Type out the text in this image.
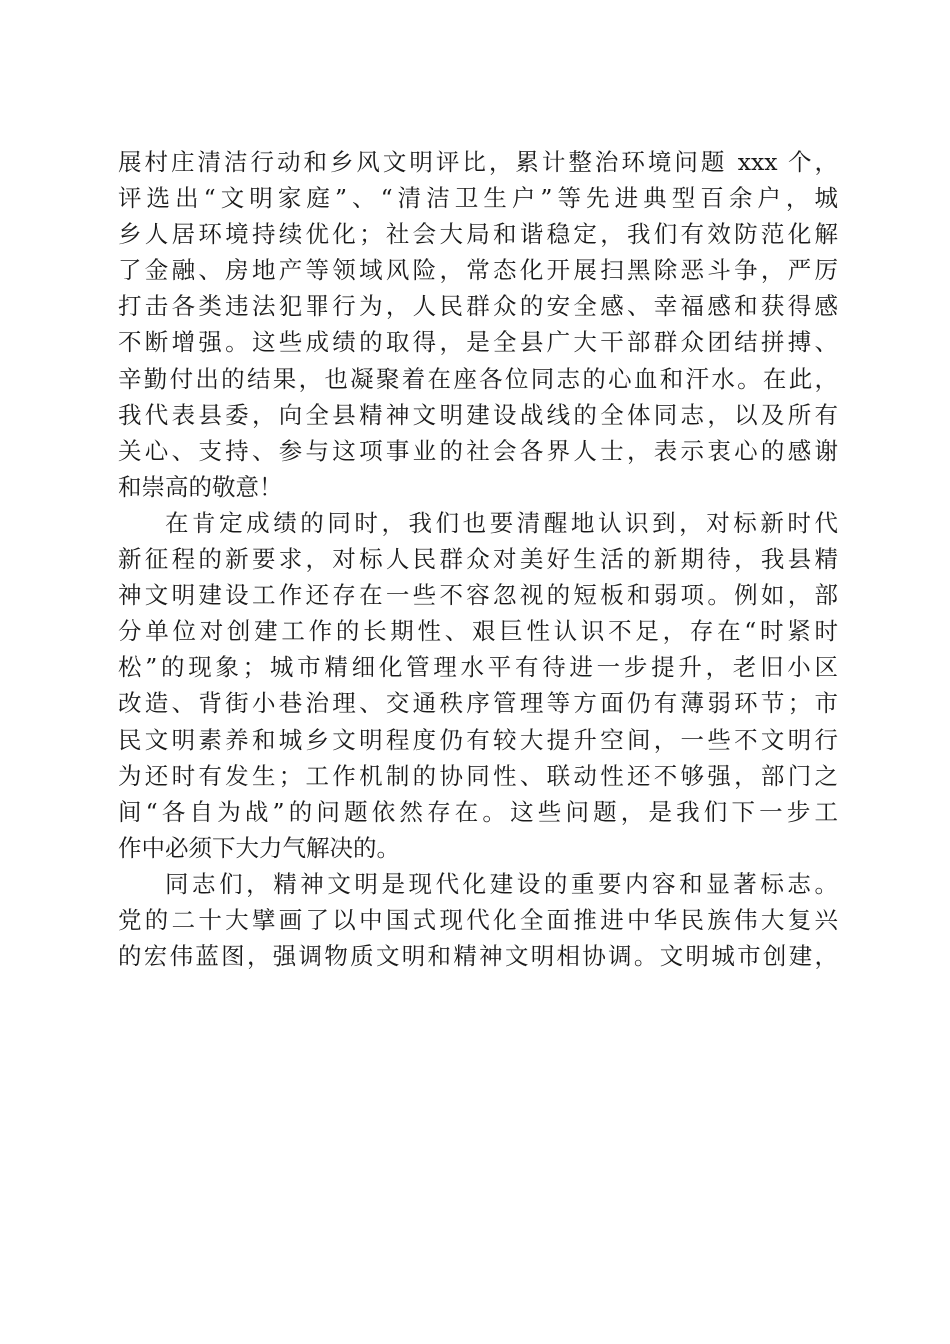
展村庄清洁行动和乡风文明评比，累计整治环境问题 xxx 个，
评选出“文明家庭”、“清洁卫生户”等先进典型百余户，城
乡人居环境持续优化；社会大局和谐稳定，我们有效防范化解
了金融、房地产等领域风险，常态化开展扫黑除恶斗争，严厉
打击各类违法犯罪行为，人民群众的安全感、幸福感和获得感
不断增强。这些成绩的取得，是全县广大干部群众团结拼搏、
辛勤付出的结果，也凝聚着在座各位同志的心血和汗水。在此，
我代表县委，向全县精神文明建设战线的全体同志，以及所有
关心、支持、参与这项事业的社会各界人士，表示衷心的感谢
和崇高的敬意！
在肯定成绩的同时，我们也要清醒地认识到，对标新时代
新征程的新要求，对标人民群众对美好生活的新期待，我县精
神文明建设工作还存在一些不容忽视的短板和弱项。例如，部
分单位对创建工作的长期性、艰巨性认识不足，存在“时紧时
松”的现象；城市精细化管理水平有待进一步提升，老旧小区
改造、背街小巷治理、交通秩序管理等方面仍有薄弱环节；市
民文明素养和城乡文明程度仍有较大提升空间，一些不文明行
为还时有发生；工作机制的协同性、联动性还不够强，部门之
间“各自为战”的问题依然存在。这些问题，是我们下一步工
作中必须下大力气解决的。
同志们，精神文明是现代化建设的重要内容和显著标志。
党的二十大擘画了以中国式现代化全面推进中华民族伟大复兴
的宏伟蓝图，强调物质文明和精神文明相协调。文明城市创建，
